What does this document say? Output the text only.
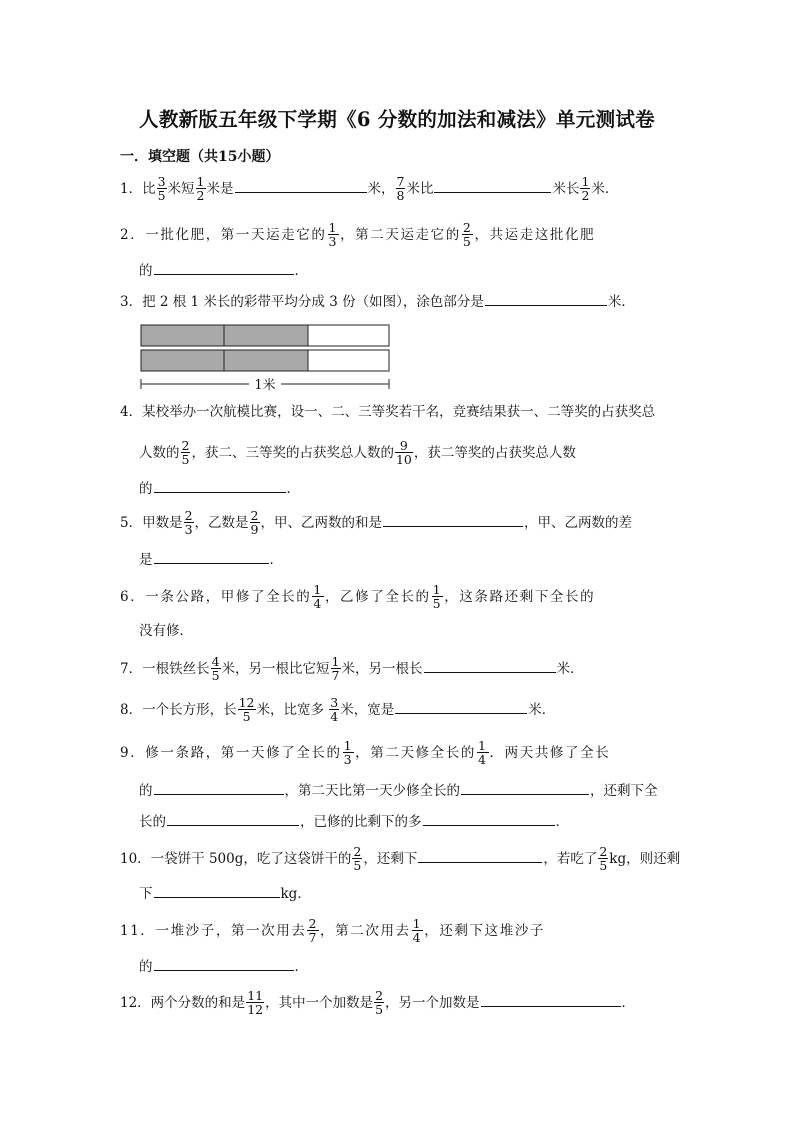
人教新版五年级下学期《6 分数的加法和减法》单元测试卷
一．填空题（共15小题）
1．比 $\frac{3}{5}$ 米短 $\frac{1}{2}$ 米是	米， $\frac{7}{8}$ 米比	米长 $\frac{1}{2}$ 米．
2．一批化肥，第一天运走它的 $\frac{1}{3}$ ，第二天运走它的 $\frac{2}{5}$ ，共运走这批化肥
的	．
3．把 2 根 1 米长的彩带平均分成 3 份（如图），涂色部分是	米．
1米
4．某校举办一次航模比赛，设一、二、三等奖若干名，竞赛结果获一、二等奖的占获奖总
人数的 $\frac{2}{5}$ ，获二、三等奖的占获奖总人数的 $\frac{9}{10}$ ，获二等奖的占获奖总人数
的	．
5．甲数是 $\frac{2}{3}$ ，乙数是 $\frac{2}{9}$ ，甲、乙两数的和是	，甲、乙两数的差
是	．
6．一条公路，甲修了全长的 $\frac{1}{4}$ ，乙修了全长的 $\frac{1}{5}$ ，这条路还剩下全长的
没有修．
7．一根铁丝长 $\frac{4}{5}$ 米，另一根比它短 $\frac{1}{7}$ 米，另一根长	米．
8．一个长方形，长 $\frac{12}{5}$ 米，比宽多 $\frac{3}{4}$ 米，宽是	米．
9．修一条路，第一天修了全长的 $\frac{1}{3}$ ，第二天修全长的 $\frac{1}{4}$ ．两天共修了全长
的	，第二天比第一天少修全长的	，还剩下全
长的	，已修的比剩下的多	．
10．一袋饼干 500g，吃了这袋饼干的 $\frac{2}{5}$ ，还剩下	，若吃了 $\frac{2}{5}$ kg，则还剩
下	kg．
11．一堆沙子，第一次用去 $\frac{2}{7}$ ，第二次用去 $\frac{1}{4}$ ，还剩下这堆沙子
的	．
12．两个分数的和是 $\frac{11}{12}$ ，其中一个加数是 $\frac{2}{5}$ ，另一个加数是	．
